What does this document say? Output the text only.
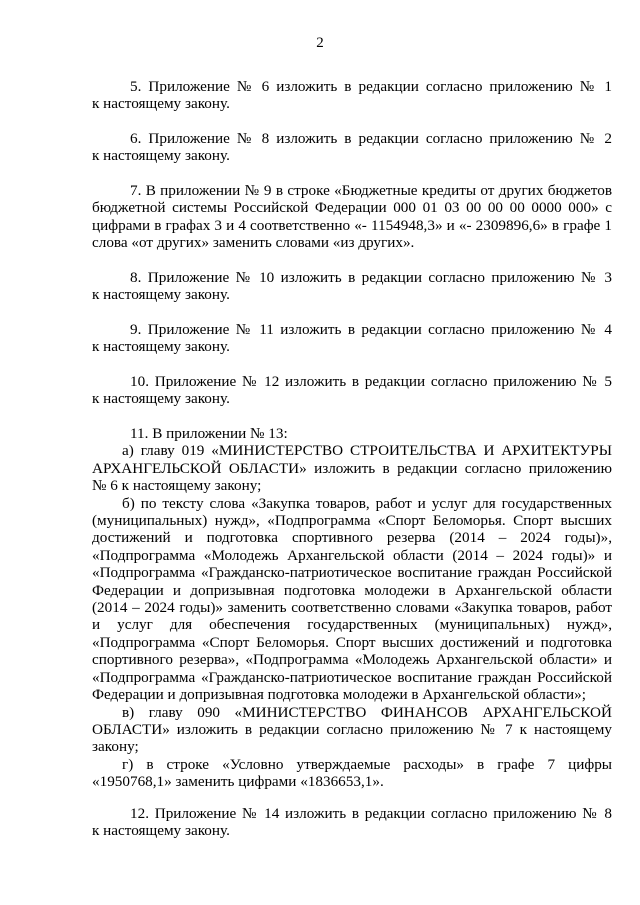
2
5. Приложение № 6 изложить в редакции согласно приложению № 1
к настоящему закону.
6. Приложение № 8 изложить в редакции согласно приложению № 2
к настоящему закону.
7. В приложении № 9 в строке «Бюджетные кредиты от других бюджетов
бюджетной системы Российской Федерации 000 01 03 00 00 00 0000 000» с
цифрами в графах 3 и 4 соответственно «- 1154948,3» и «- 2309896,6» в графе 1
слова «от других» заменить словами «из других».
8. Приложение № 10 изложить в редакции согласно приложению № 3
к настоящему закону.
9. Приложение № 11 изложить в редакции согласно приложению № 4
к настоящему закону.
10. Приложение № 12 изложить в редакции согласно приложению № 5
к настоящему закону.
11. В приложении № 13:
а) главу 019 «МИНИСТЕРСТВО СТРОИТЕЛЬСТВА И АРХИТЕКТУРЫ
АРХАНГЕЛЬСКОЙ ОБЛАСТИ» изложить в редакции согласно приложению
№ 6 к настоящему закону;
б) по тексту слова «Закупка товаров, работ и услуг для государственных
(муниципальных) нужд», «Подпрограмма «Спорт Беломорья. Спорт высших
достижений и подготовка спортивного резерва (2014 – 2024 годы)»,
«Подпрограмма «Молодежь Архангельской области (2014 – 2024 годы)» и
«Подпрограмма «Гражданско-патриотическое воспитание граждан Российской
Федерации и допризывная подготовка молодежи в Архангельской области
(2014 – 2024 годы)» заменить соответственно словами «Закупка товаров, работ
и услуг для обеспечения государственных (муниципальных) нужд»,
«Подпрограмма «Спорт Беломорья. Спорт высших достижений и подготовка
спортивного резерва», «Подпрограмма «Молодежь Архангельской области» и
«Подпрограмма «Гражданско-патриотическое воспитание граждан Российской
Федерации и допризывная подготовка молодежи в Архангельской области»;
в) главу 090 «МИНИСТЕРСТВО ФИНАНСОВ АРХАНГЕЛЬСКОЙ
ОБЛАСТИ» изложить в редакции согласно приложению № 7 к настоящему
закону;
г) в строке «Условно утверждаемые расходы» в графе 7 цифры
«1950768,1» заменить цифрами «1836653,1».
12. Приложение № 14 изложить в редакции согласно приложению № 8
к настоящему закону.
